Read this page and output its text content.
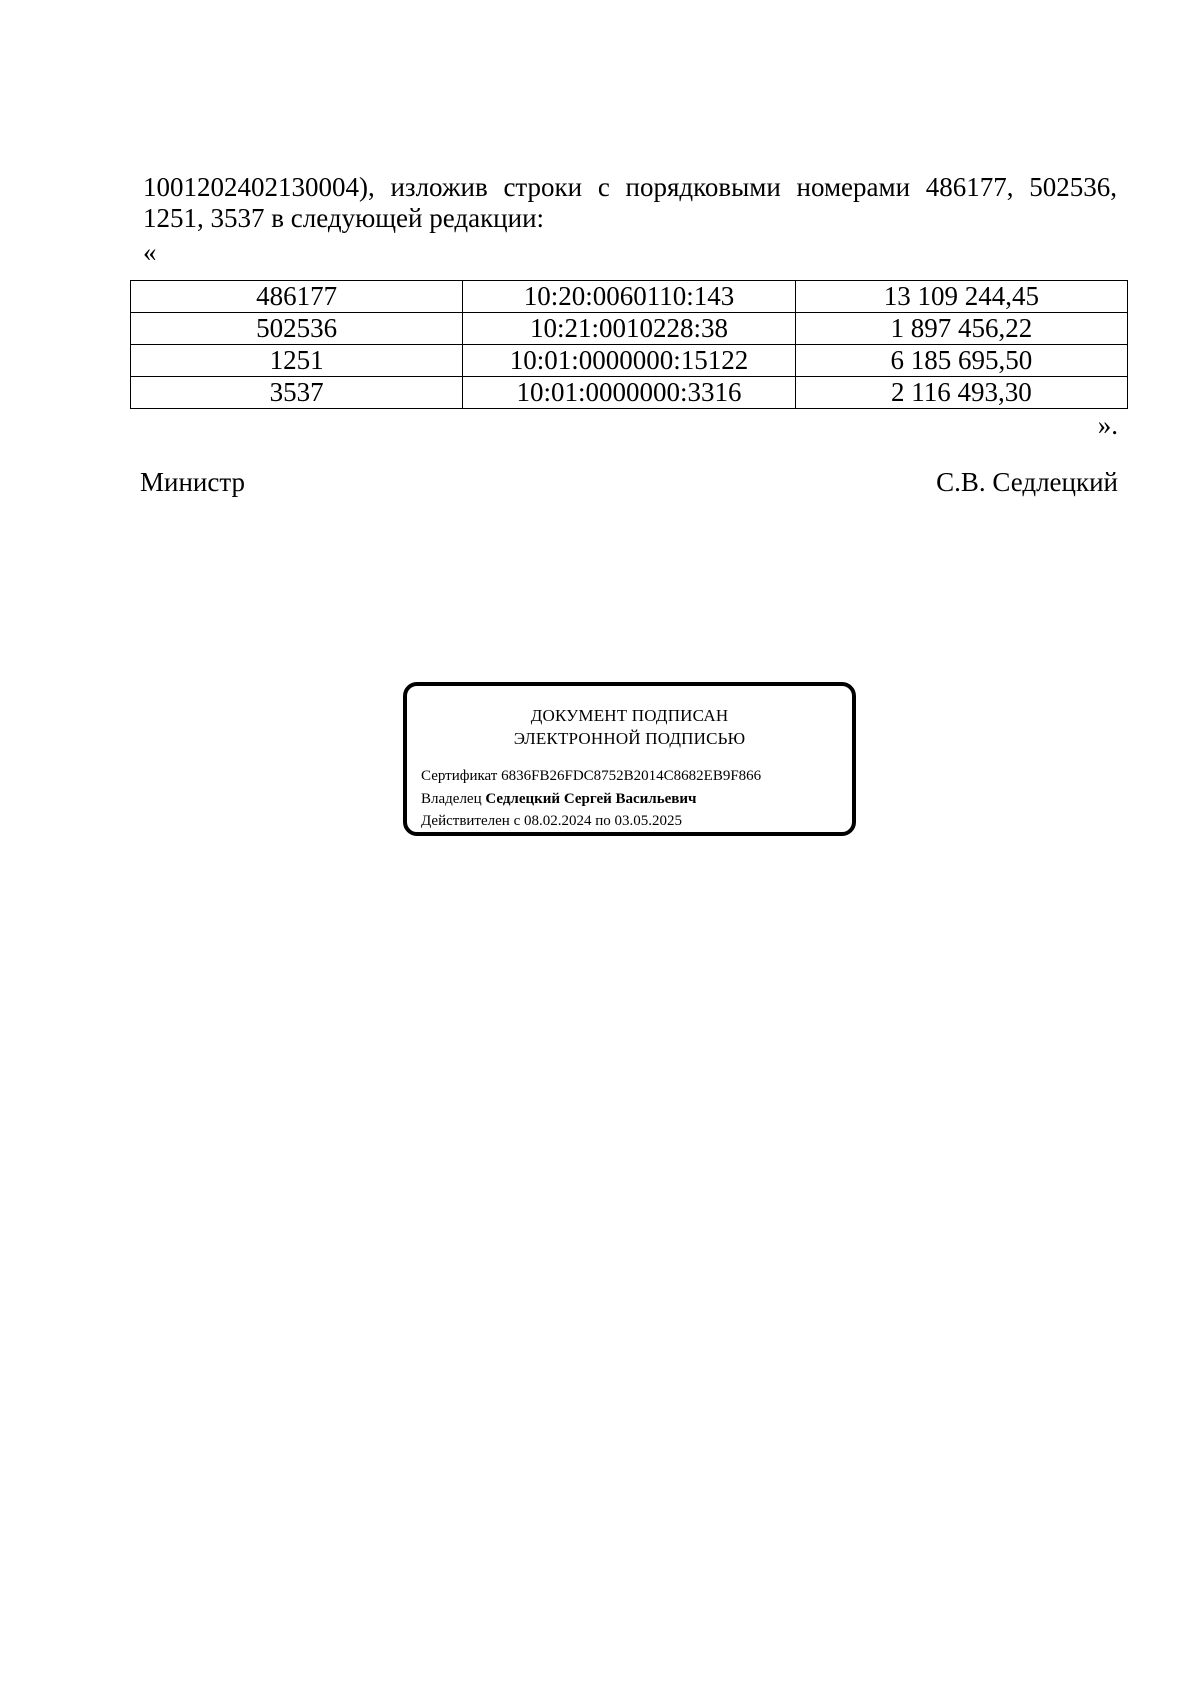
1001202402130004), изложив строки с порядковыми номерами 486177, 502536, 1251, 3537 в следующей редакции:

«
486177	10:20:0060110:143	13 109 244,45
502536	10:21:0010228:38	1 897 456,22
1251	10:01:0000000:15122	6 185 695,50
3537	10:01:0000000:3316	2 116 493,30
».
Министр	С.В. Седлецкий
ДОКУМЕНТ ПОДПИСАН
ЭЛЕКТРОННОЙ ПОДПИСЬЮ
Сертификат 6836FB26FDC8752B2014C8682EB9F866
Владелец Седлецкий Сергей Васильевич
Действителен с 08.02.2024 по 03.05.2025
